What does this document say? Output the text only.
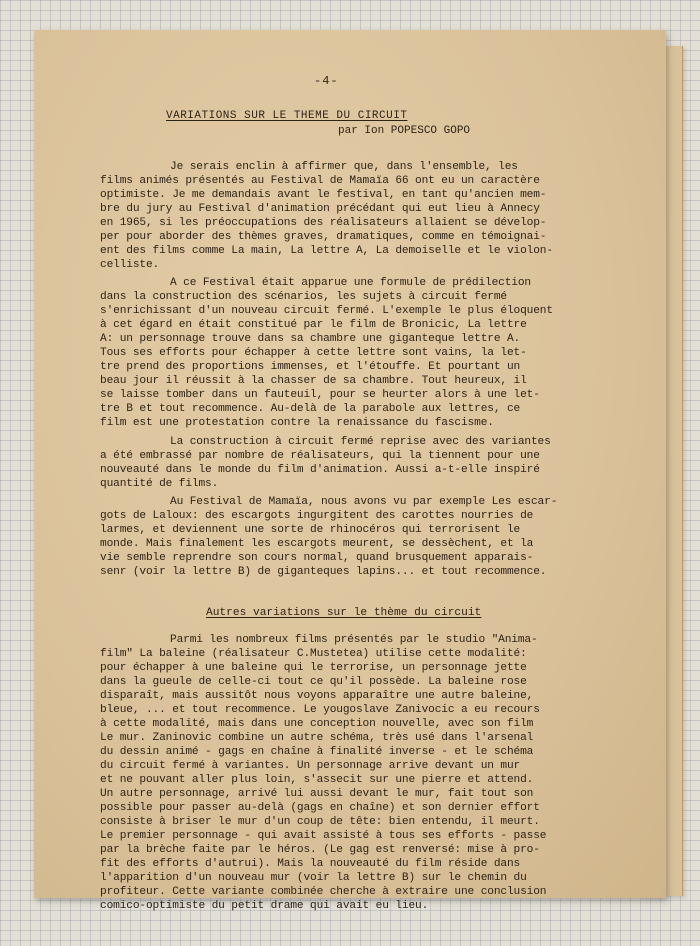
-4-
VARIATIONS SUR LE THEME DU CIRCUIT
par Ion POPESCO GOPO
Je serais enclin à affirmer que, dans l'ensemble, les
films animés présentés au Festival de Mamaïa 66 ont eu un caractère
optimiste. Je me demandais avant le festival, en tant qu'ancien mem-
bre du jury au Festival d'animation précédant qui eut lieu à Annecy
en 1965, si les préoccupations des réalisateurs allaient se dévelop-
per pour aborder des thèmes graves, dramatiques, comme en témoignai-
ent des films comme La main, La lettre A, La demoiselle et le violon-
celliste.
A ce Festival était apparue une formule de prédilection
dans la construction des scénarios, les sujets à circuit fermé
s'enrichissant d'un nouveau circuit fermé. L'exemple le plus éloquent
à cet égard en était constitué par le film de Bronicic, La lettre
A: un personnage trouve dans sa chambre une giganteque lettre A.
Tous ses efforts pour échapper à cette lettre sont vains, la let-
tre prend des proportions immenses, et l'étouffe. Et pourtant un
beau jour il réussit à la chasser de sa chambre. Tout heureux, il
se laisse tomber dans un fauteuil, pour se heurter alors à une let-
tre B et tout recommence. Au-delà de la parabole aux lettres, ce
film est une protestation contre la renaissance du fascisme.
La construction à circuit fermé reprise avec des variantes
a été embrassé par nombre de réalisateurs, qui la tiennent pour une
nouveauté dans le monde du film d'animation. Aussi a-t-elle inspiré
quantité de films.
Au Festival de Mamaïa, nous avons vu par exemple Les escar-
gots de Laloux: des escargots ingurgitent des carottes nourries de
larmes, et deviennent une sorte de rhinocéros qui terrorisent le
monde. Mais finalement les escargots meurent, se dessèchent, et la
vie semble reprendre son cours normal, quand brusquement apparais-
senr (voir la lettre B) de giganteques lapins... et tout recommence.
Autres variations sur le thème du circuit
Parmi les nombreux films présentés par le studio "Anima-
film" La baleine (réalisateur C.Mustetea) utilise cette modalité:
pour échapper à une baleine qui le terrorise, un personnage jette
dans la gueule de celle-ci tout ce qu'il possède. La baleine rose
disparaît, mais aussitôt nous voyons apparaître une autre baleine,
bleue, ... et tout recommence. Le yougoslave Zanivocic a eu recours
à cette modalité, mais dans une conception nouvelle, avec son film
Le mur. Zaninovic combine un autre schéma, très usé dans l'arsenal
du dessin animé - gags en chaîne à finalité inverse - et le schéma
du circuit fermé à variantes. Un personnage arrive devant un mur
et ne pouvant aller plus loin, s'assecit sur une pierre et attend.
Un autre personnage, arrivé lui aussi devant le mur, fait tout son
possible pour passer au-delà (gags en chaîne) et son dernier effort
consiste à briser le mur d'un coup de tête: bien entendu, il meurt.
Le premier personnage - qui avait assisté à tous ses efforts - passe
par la brèche faite par le héros. (Le gag est renversé: mise à pro-
fit des efforts d'autrui). Mais la nouveauté du film réside dans
l'apparition d'un nouveau mur (voir la lettre B) sur le chemin du
profiteur. Cette variante combinée cherche à extraire une conclusion
comico-optimiste du petit drame qui avait eu lieu.
